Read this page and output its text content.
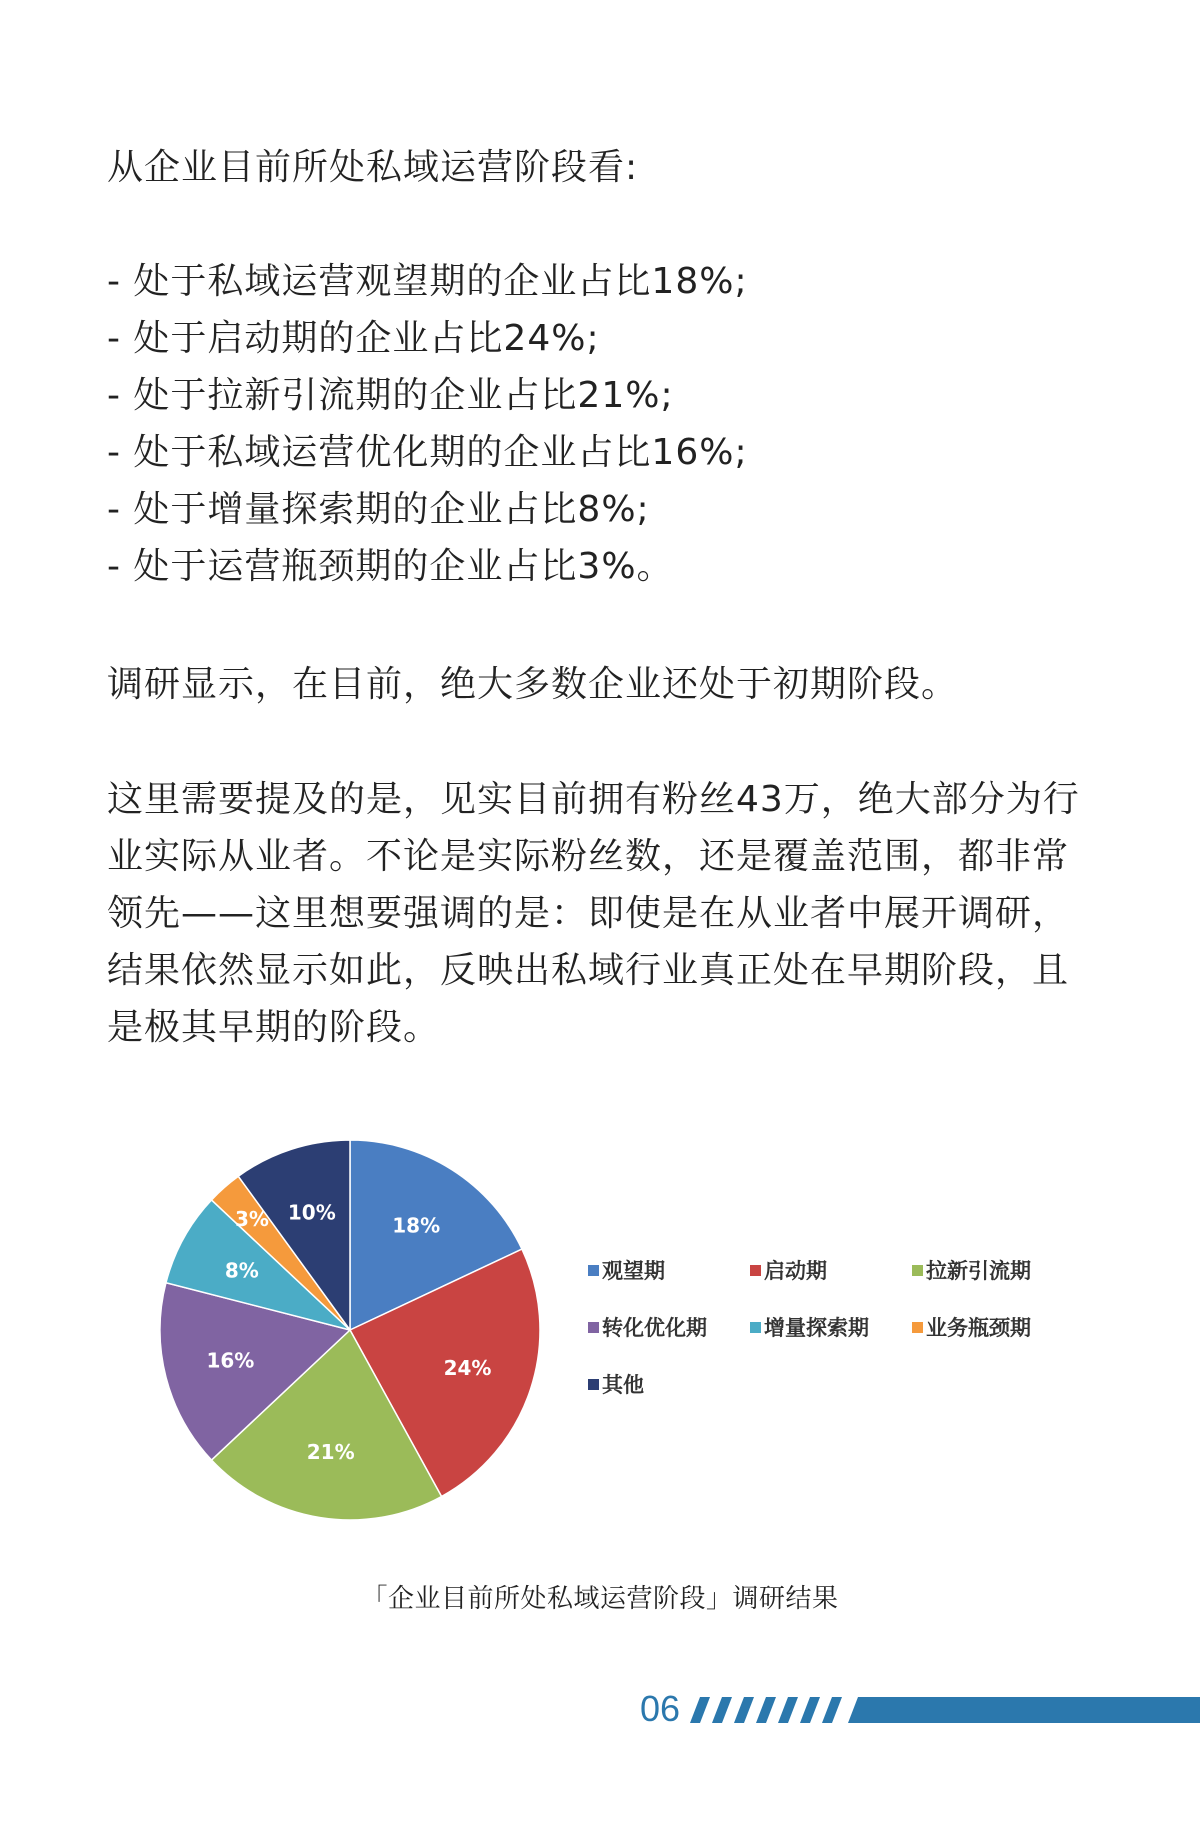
从企业目前所处私域运营阶段看:
- 处于私域运营观望期的企业占比18%;
- 处于启动期的企业占比24%;
- 处于拉新引流期的企业占比21%;
- 处于私域运营优化期的企业占比16%;
- 处于增量探索期的企业占比8%;
- 处于运营瓶颈期的企业占比3%。
调研显示，在目前，绝大多数企业还处于初期阶段。
这里需要提及的是，见实目前拥有粉丝43万，绝大部分为行
业实际从业者。不论是实际粉丝数，还是覆盖范围，都非常
领先——这里想要强调的是：即使是在从业者中展开调研，
结果依然显示如此，反映出私域行业真正处在早期阶段，且
是极其早期的阶段。
18%
24%
21%
16%
8%
3% 10%
观望期	启动期	拉新引流期
转化优化期	增量探索期	业务瓶颈期
其他
「企业目前所处私域运营阶段」调研结果
06
